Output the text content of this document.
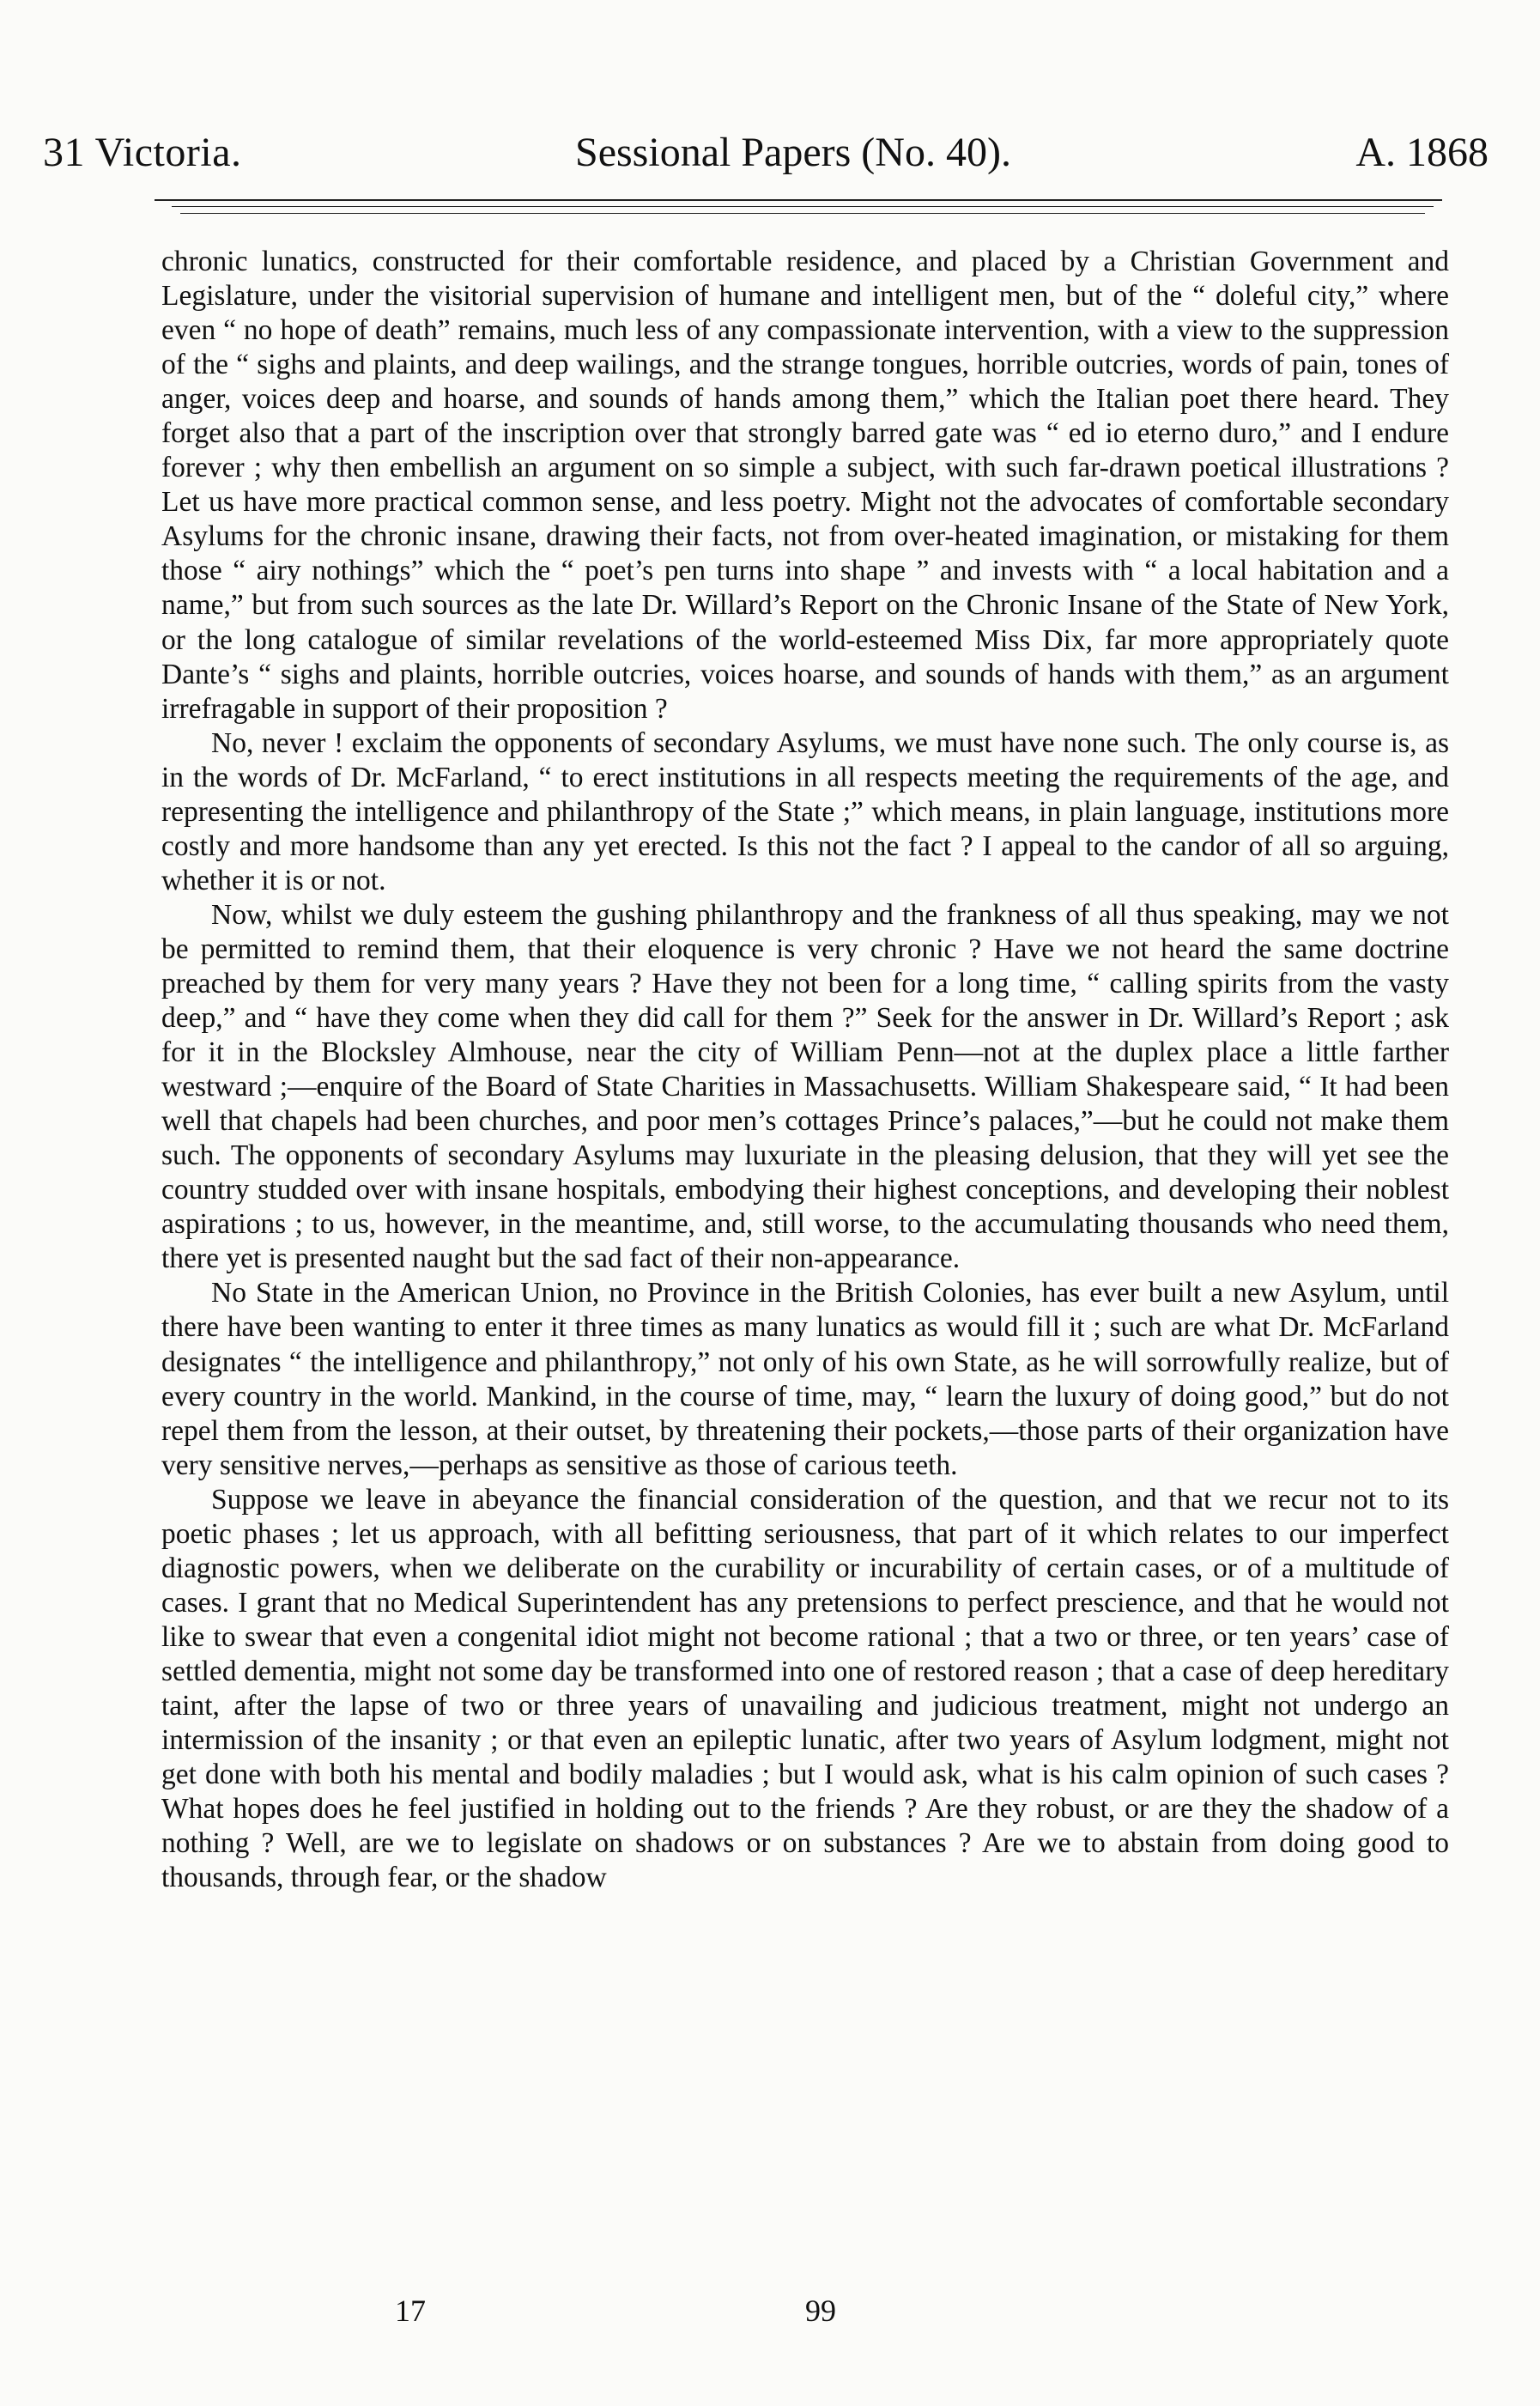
31 Victoria.	Sessional Papers (No. 40).	A. 1868

chronic lunatics, constructed for their comfortable residence, and placed by a Christian Government and Legislature, under the visitorial supervision of humane and intelligent men, but of the “ doleful city,” where even “ no hope of death” remains, much less of any compassionate intervention, with a view to the suppression of the “ sighs and plaints, and deep wailings, and the strange tongues, horrible outcries, words of pain, tones of anger, voices deep and hoarse, and sounds of hands among them,” which the Italian poet there heard. They forget also that a part of the inscription over that strongly barred gate was “ ed io eterno duro,” and I endure forever ; why then embellish an argument on so simple a subject, with such far-drawn poetical illustrations ? Let us have more practical common sense, and less poetry. Might not the advocates of comfortable secondary Asylums for the chronic insane, drawing their facts, not from over-heated imagination, or mistaking for them those “ airy nothings” which the “ poet’s pen turns into shape ” and invests with “ a local habitation and a name,” but from such sources as the late Dr. Willard’s Report on the Chronic Insane of the State of New York, or the long catalogue of similar revelations of the world-esteemed Miss Dix, far more appropriately quote Dante’s “ sighs and plaints, horrible outcries, voices hoarse, and sounds of hands with them,” as an argument irrefragable in support of their proposition ?

No, never ! exclaim the opponents of secondary Asylums, we must have none such. The only course is, as in the words of Dr. McFarland, “ to erect institutions in all respects meeting the requirements of the age, and representing the intelligence and philanthropy of the State ;” which means, in plain language, institutions more costly and more handsome than any yet erected. Is this not the fact ? I appeal to the candor of all so arguing, whether it is or not.

Now, whilst we duly esteem the gushing philanthropy and the frankness of all thus speaking, may we not be permitted to remind them, that their eloquence is very chronic ? Have we not heard the same doctrine preached by them for very many years ? Have they not been for a long time, “ calling spirits from the vasty deep,” and “ have they come when they did call for them ?” Seek for the answer in Dr. Willard’s Report ; ask for it in the Blocksley Almhouse, near the city of William Penn—not at the duplex place a little farther westward ;—enquire of the Board of State Charities in Massachusetts. William Shakespeare said, “ It had been well that chapels had been churches, and poor men’s cottages Prince’s palaces,”—but he could not make them such. The opponents of secondary Asylums may luxuriate in the pleasing delusion, that they will yet see the country studded over with insane hospitals, embodying their highest conceptions, and developing their noblest aspirations ; to us, however, in the meantime, and, still worse, to the accumulating thousands who need them, there yet is presented naught but the sad fact of their non-appearance.

No State in the American Union, no Province in the British Colonies, has ever built a new Asylum, until there have been wanting to enter it three times as many lunatics as would fill it ; such are what Dr. McFarland designates “ the intelligence and philanthropy,” not only of his own State, as he will sorrowfully realize, but of every country in the world. Mankind, in the course of time, may, “ learn the luxury of doing good,” but do not repel them from the lesson, at their outset, by threatening their pockets,—those parts of their organization have very sensitive nerves,—perhaps as sensitive as those of carious teeth.

Suppose we leave in abeyance the financial consideration of the question, and that we recur not to its poetic phases ; let us approach, with all befitting seriousness, that part of it which relates to our imperfect diagnostic powers, when we deliberate on the curability or incurability of certain cases, or of a multitude of cases. I grant that no Medical Superintendent has any pretensions to perfect prescience, and that he would not like to swear that even a congenital idiot might not become rational ; that a two or three, or ten years’ case of settled dementia, might not some day be transformed into one of restored reason ; that a case of deep hereditary taint, after the lapse of two or three years of unavailing and judicious treatment, might not undergo an intermission of the insanity ; or that even an epileptic lunatic, after two years of Asylum lodgment, might not get done with both his mental and bodily maladies ; but I would ask, what is his calm opinion of such cases ? What hopes does he feel justified in holding out to the friends ? Are they robust, or are they the shadow of a nothing ? Well, are we to legislate on shadows or on substances ? Are we to abstain from doing good to thousands, through fear, or the shadow

17	99
